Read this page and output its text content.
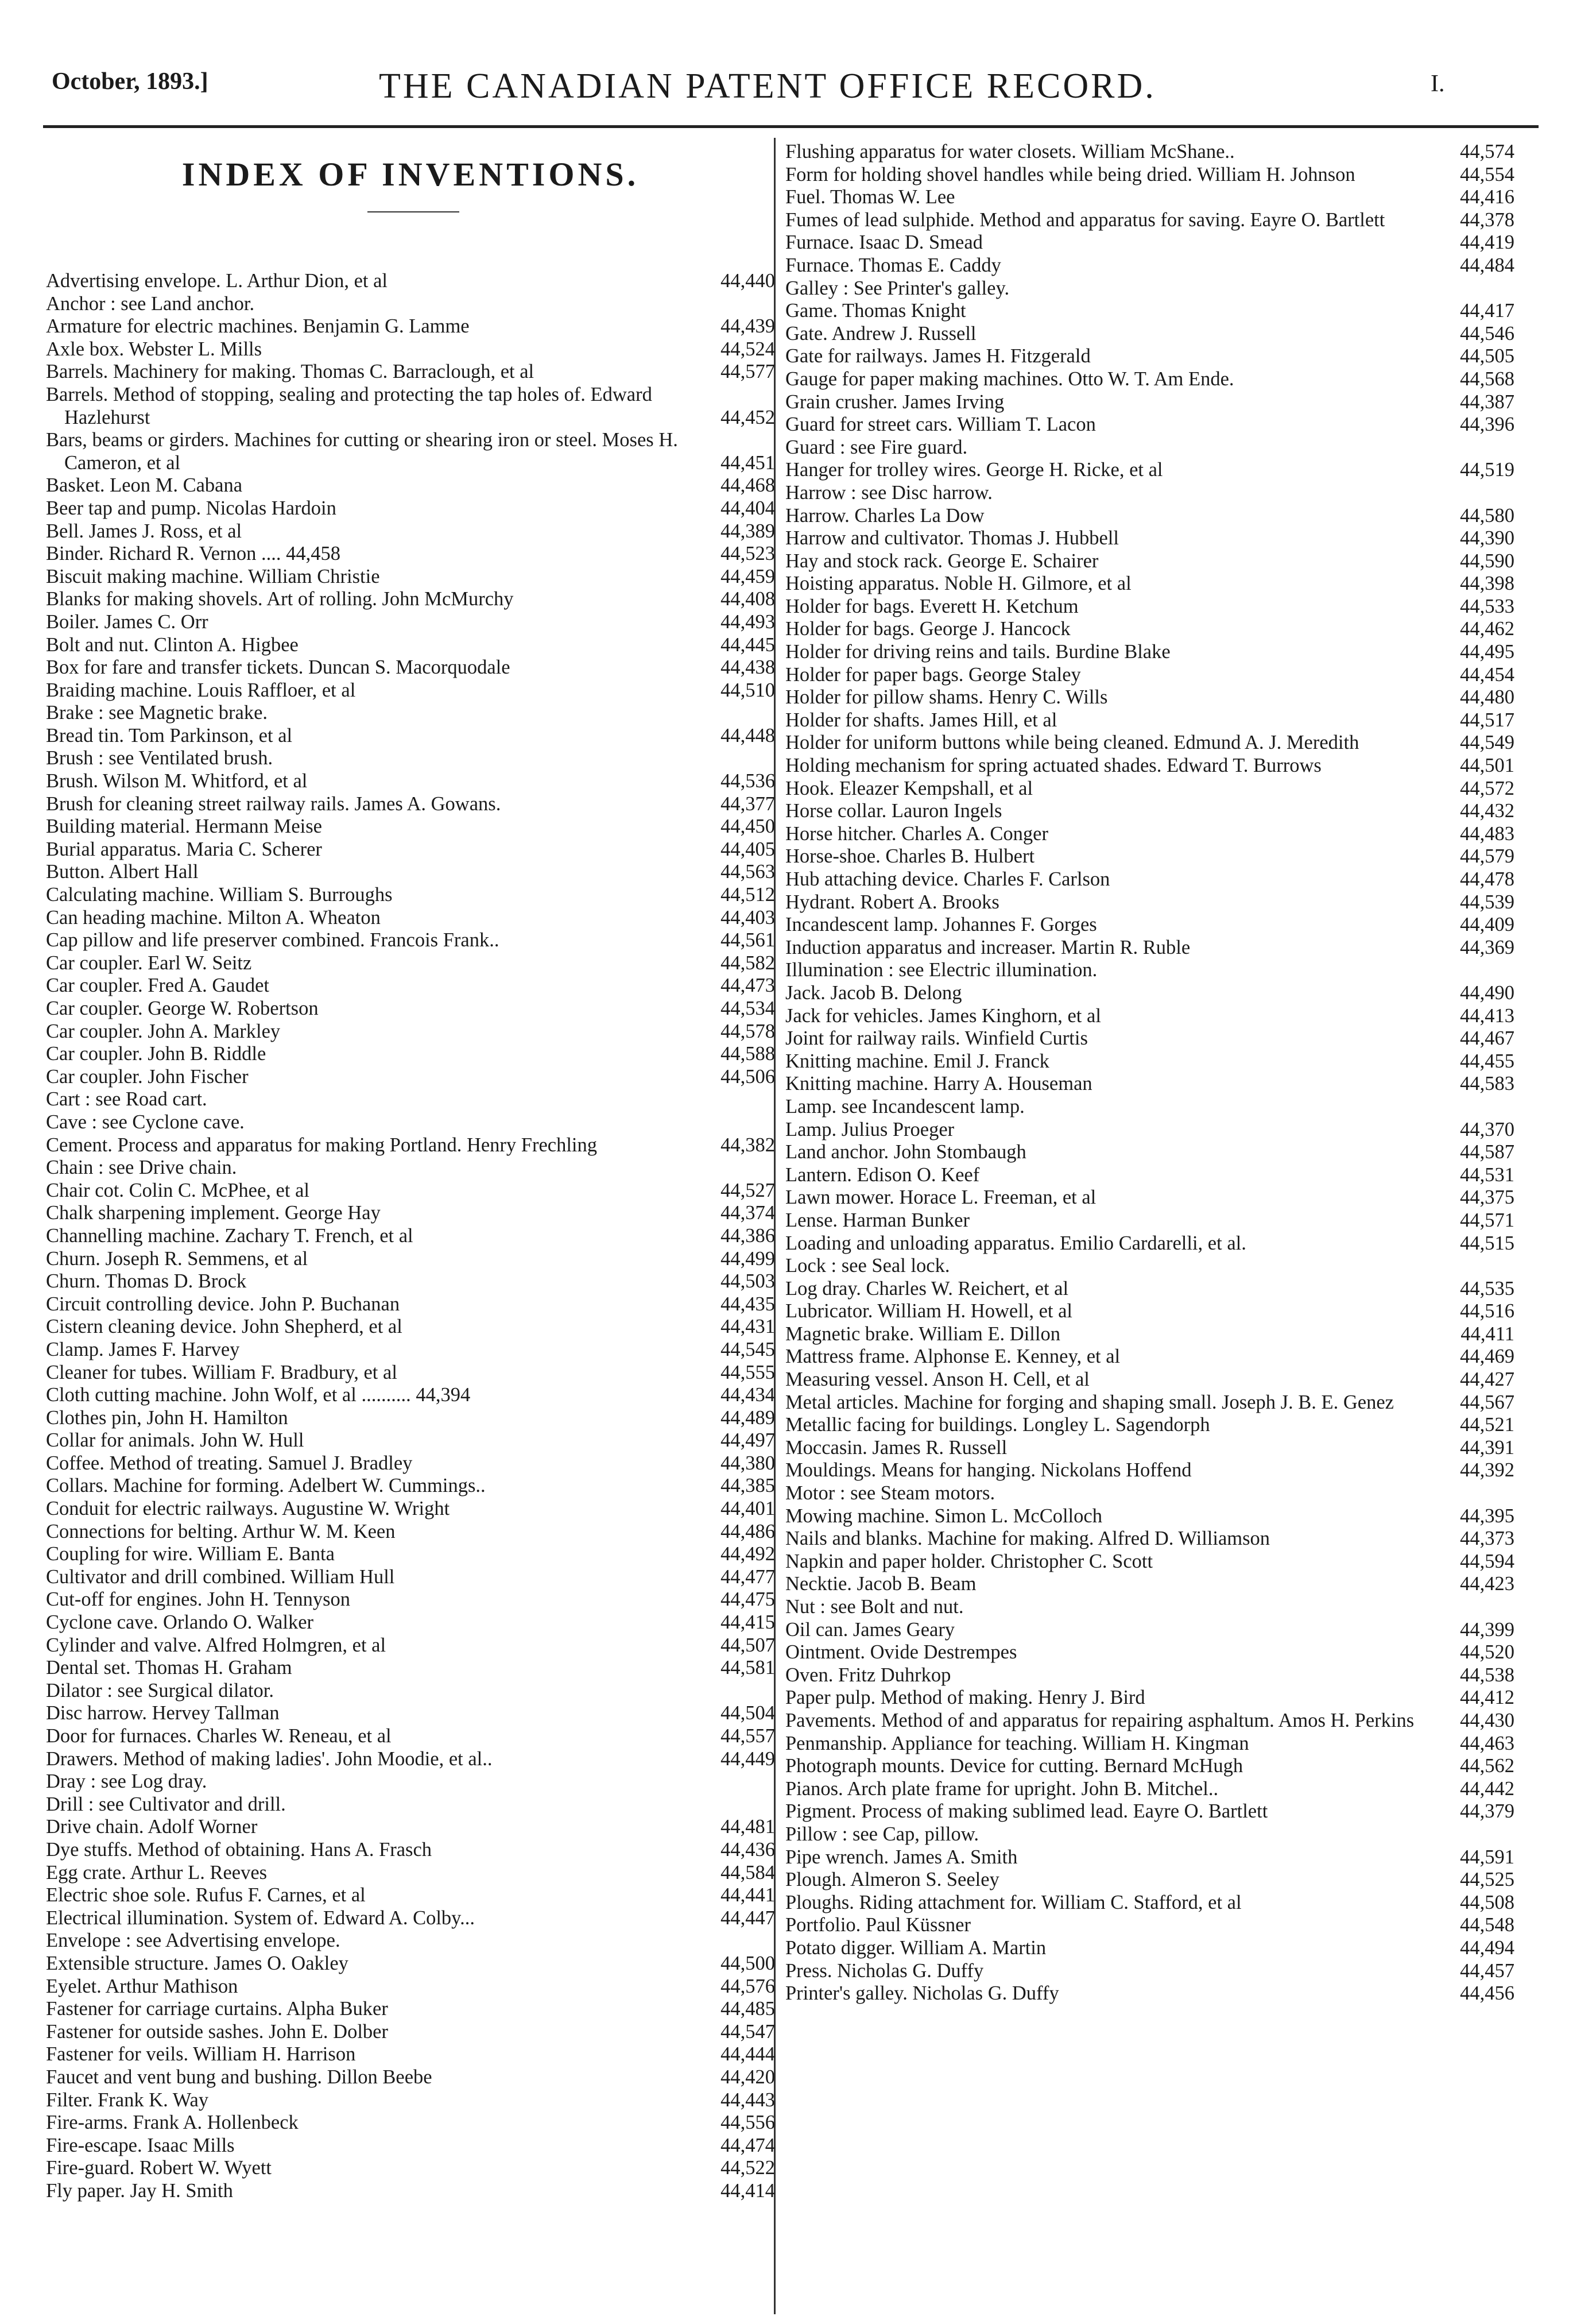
October, 1893.]	THE CANADIAN PATENT OFFICE RECORD.	I.
INDEX OF INVENTIONS.
Advertising envelope. L. Arthur Dion, et al	44,440
Anchor : see Land anchor.
Armature for electric machines. Benjamin G. Lamme	44,439
Axle box. Webster L. Mills	44,524
Barrels. Machinery for making. Thomas C. Barraclough, et al	44,577
Barrels. Method of stopping, sealing and protecting the tap holes of. Edward Hazlehurst	44,452
Bars, beams or girders. Machines for cutting or shearing iron or steel. Moses H. Cameron, et al	44,451
Basket. Leon M. Cabana	44,468
Beer tap and pump. Nicolas Hardoin	44,404
Bell. James J. Ross, et al	44,389
Binder. Richard R. Vernon .... 44,458	44,523
Biscuit making machine. William Christie	44,459
Blanks for making shovels. Art of rolling. John McMurchy	44,408
Boiler. James C. Orr	44,493
Bolt and nut. Clinton A. Higbee	44,445
Box for fare and transfer tickets. Duncan S. Macorquodale	44,438
Braiding machine. Louis Raffloer, et al	44,510
Brake : see Magnetic brake.
Bread tin. Tom Parkinson, et al	44,448
Brush : see Ventilated brush.
Brush. Wilson M. Whitford, et al	44,536
Brush for cleaning street railway rails. James A. Gowans.	44,377
Building material. Hermann Meise	44,450
Burial apparatus. Maria C. Scherer	44,405
Button. Albert Hall	44,563
Calculating machine. William S. Burroughs	44,512
Can heading machine. Milton A. Wheaton	44,403
Cap pillow and life preserver combined. Francois Frank..	44,561
Car coupler. Earl W. Seitz	44,582
Car coupler. Fred A. Gaudet	44,473
Car coupler. George W. Robertson	44,534
Car coupler. John A. Markley	44,578
Car coupler. John B. Riddle	44,588
Car coupler. John Fischer	44,506
Cart : see Road cart.
Cave : see Cyclone cave.
Cement. Process and apparatus for making Portland. Henry Frechling	44,382
Chain : see Drive chain.
Chair cot. Colin C. McPhee, et al	44,527
Chalk sharpening implement. George Hay	44,374
Channelling machine. Zachary T. French, et al	44,386
Churn. Joseph R. Semmens, et al	44,499
Churn. Thomas D. Brock	44,503
Circuit controlling device. John P. Buchanan	44,435
Cistern cleaning device. John Shepherd, et al	44,431
Clamp. James F. Harvey	44,545
Cleaner for tubes. William F. Bradbury, et al	44,555
Cloth cutting machine. John Wolf, et al .......... 44,394	44,434
Clothes pin, John H. Hamilton	44,489
Collar for animals. John W. Hull	44,497
Coffee. Method of treating. Samuel J. Bradley	44,380
Collars. Machine for forming. Adelbert W. Cummings..	44,385
Conduit for electric railways. Augustine W. Wright	44,401
Connections for belting. Arthur W. M. Keen	44,486
Coupling for wire. William E. Banta	44,492
Cultivator and drill combined. William Hull	44,477
Cut-off for engines. John H. Tennyson	44,475
Cyclone cave. Orlando O. Walker	44,415
Cylinder and valve. Alfred Holmgren, et al	44,507
Dental set. Thomas H. Graham	44,581
Dilator : see Surgical dilator.
Disc harrow. Hervey Tallman	44,504
Door for furnaces. Charles W. Reneau, et al	44,557
Drawers. Method of making ladies'. John Moodie, et al..	44,449
Dray : see Log dray.
Drill : see Cultivator and drill.
Drive chain. Adolf Worner	44,481
Dye stuffs. Method of obtaining. Hans A. Frasch	44,436
Egg crate. Arthur L. Reeves	44,584
Electric shoe sole. Rufus F. Carnes, et al	44,441
Electrical illumination. System of. Edward A. Colby...	44,447
Envelope : see Advertising envelope.
Extensible structure. James O. Oakley	44,500
Eyelet. Arthur Mathison	44,576
Fastener for carriage curtains. Alpha Buker	44,485
Fastener for outside sashes. John E. Dolber	44,547
Fastener for veils. William H. Harrison	44,444
Faucet and vent bung and bushing. Dillon Beebe	44,420
Filter. Frank K. Way	44,443
Fire-arms. Frank A. Hollenbeck	44,556
Fire-escape. Isaac Mills	44,474
Fire-guard. Robert W. Wyett	44,522
Fly paper. Jay H. Smith	44,414
Flushing apparatus for water closets. William McShane..	44,574
Form for holding shovel handles while being dried. William H. Johnson	44,554
Fuel. Thomas W. Lee	44,416
Fumes of lead sulphide. Method and apparatus for saving. Eayre O. Bartlett	44,378
Furnace. Isaac D. Smead	44,419
Furnace. Thomas E. Caddy	44,484
Galley : See Printer's galley.
Game. Thomas Knight	44,417
Gate. Andrew J. Russell	44,546
Gate for railways. James H. Fitzgerald	44,505
Gauge for paper making machines. Otto W. T. Am Ende.	44,568
Grain crusher. James Irving	44,387
Guard for street cars. William T. Lacon	44,396
Guard : see Fire guard.
Hanger for trolley wires. George H. Ricke, et al	44,519
Harrow : see Disc harrow.
Harrow. Charles La Dow	44,580
Harrow and cultivator. Thomas J. Hubbell	44,390
Hay and stock rack. George E. Schairer	44,590
Hoisting apparatus. Noble H. Gilmore, et al	44,398
Holder for bags. Everett H. Ketchum	44,533
Holder for bags. George J. Hancock	44,462
Holder for driving reins and tails. Burdine Blake	44,495
Holder for paper bags. George Staley	44,454
Holder for pillow shams. Henry C. Wills	44,480
Holder for shafts. James Hill, et al	44,517
Holder for uniform buttons while being cleaned. Edmund A. J. Meredith	44,549
Holding mechanism for spring actuated shades. Edward T. Burrows	44,501
Hook. Eleazer Kempshall, et al	44,572
Horse collar. Lauron Ingels	44,432
Horse hitcher. Charles A. Conger	44,483
Horse-shoe. Charles B. Hulbert	44,579
Hub attaching device. Charles F. Carlson	44,478
Hydrant. Robert A. Brooks	44,539
Incandescent lamp. Johannes F. Gorges	44,409
Induction apparatus and increaser. Martin R. Ruble	44,369
Illumination : see Electric illumination.
Jack. Jacob B. Delong	44,490
Jack for vehicles. James Kinghorn, et al	44,413
Joint for railway rails. Winfield Curtis	44,467
Knitting machine. Emil J. Franck	44,455
Knitting machine. Harry A. Houseman	44,583
Lamp. see Incandescent lamp.
Lamp. Julius Proeger	44,370
Land anchor. John Stombaugh	44,587
Lantern. Edison O. Keef	44,531
Lawn mower. Horace L. Freeman, et al	44,375
Lense. Harman Bunker	44,571
Loading and unloading apparatus. Emilio Cardarelli, et al.	44,515
Lock : see Seal lock.
Log dray. Charles W. Reichert, et al	44,535
Lubricator. William H. Howell, et al	44,516
Magnetic brake. William E. Dillon	44,411
Mattress frame. Alphonse E. Kenney, et al	44,469
Measuring vessel. Anson H. Cell, et al	44,427
Metal articles. Machine for forging and shaping small. Joseph J. B. E. Genez	44,567
Metallic facing for buildings. Longley L. Sagendorph	44,521
Moccasin. James R. Russell	44,391
Mouldings. Means for hanging. Nickolans Hoffend	44,392
Motor : see Steam motors.
Mowing machine. Simon L. McColloch	44,395
Nails and blanks. Machine for making. Alfred D. Williamson	44,373
Napkin and paper holder. Christopher C. Scott	44,594
Necktie. Jacob B. Beam	44,423
Nut : see Bolt and nut.
Oil can. James Geary	44,399
Ointment. Ovide Destrempes	44,520
Oven. Fritz Duhrkop	44,538
Paper pulp. Method of making. Henry J. Bird	44,412
Pavements. Method of and apparatus for repairing asphaltum. Amos H. Perkins	44,430
Penmanship. Appliance for teaching. William H. Kingman	44,463
Photograph mounts. Device for cutting. Bernard McHugh	44,562
Pianos. Arch plate frame for upright. John B. Mitchel..	44,442
Pigment. Process of making sublimed lead. Eayre O. Bartlett	44,379
Pillow : see Cap, pillow.
Pipe wrench. James A. Smith	44,591
Plough. Almeron S. Seeley	44,525
Ploughs. Riding attachment for. William C. Stafford, et al	44,508
Portfolio. Paul Küssner	44,548
Potato digger. William A. Martin	44,494
Press. Nicholas G. Duffy	44,457
Printer's galley. Nicholas G. Duffy	44,456
